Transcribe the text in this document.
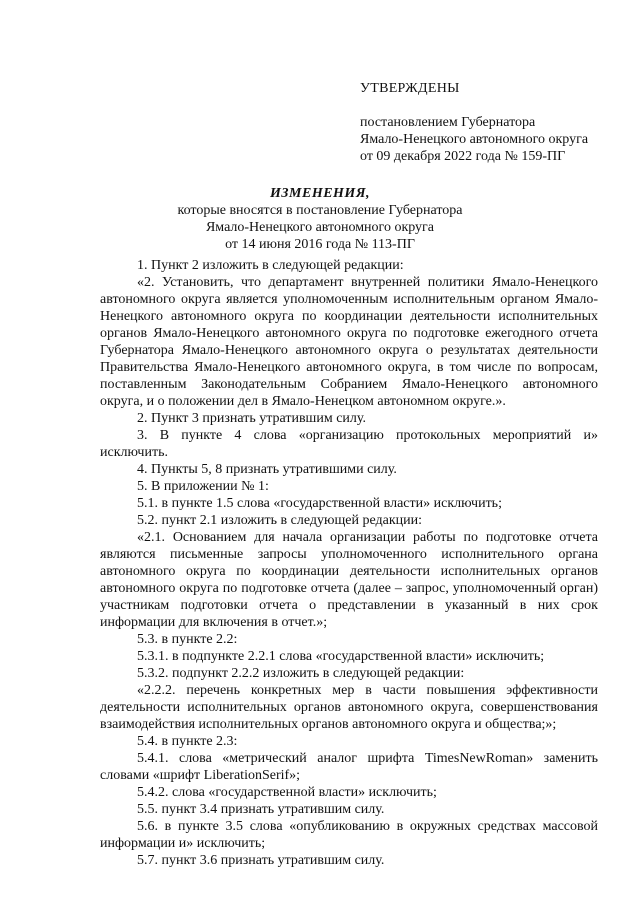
УТВЕРЖДЕНЫ
постановлением Губернатора
Ямало-Ненецкого автономного округа
от 09 декабря 2022 года № 159-ПГ
ИЗМЕНЕНИЯ,
которые вносятся в постановление Губернатора
Ямало-Ненецкого автономного округа
от 14 июня 2016 года № 113-ПГ

1. Пункт 2 изложить в следующей редакции:

«2. Установить, что департамент внутренней политики Ямало-Ненецкого автономного округа является уполномоченным исполнительным органом Ямало-Ненецкого автономного округа по координации деятельности исполнительных органов Ямало-Ненецкого автономного округа по подготовке ежегодного отчета Губернатора Ямало-Ненецкого автономного округа о результатах деятельности Правительства Ямало-Ненецкого автономного округа, в том числе по вопросам, поставленным Законодательным Собранием Ямало-Ненецкого автономного округа, и о положении дел в Ямало-Ненецком автономном округе.».

2. Пункт 3 признать утратившим силу.

3. В пункте 4 слова «организацию протокольных мероприятий и» исключить.

4. Пункты 5, 8 признать утратившими силу.

5. В приложении № 1:

5.1. в пункте 1.5 слова «государственной власти» исключить;

5.2. пункт 2.1 изложить в следующей редакции:

«2.1. Основанием для начала организации работы по подготовке отчета являются письменные запросы уполномоченного исполнительного органа автономного округа по координации деятельности исполнительных органов автономного округа по подготовке отчета (далее – запрос, уполномоченный орган) участникам подготовки отчета о представлении в указанный в них срок информации для включения в отчет.»;

5.3. в пункте 2.2:

5.3.1. в подпункте 2.2.1 слова «государственной власти» исключить;

5.3.2. подпункт 2.2.2 изложить в следующей редакции:

«2.2.2. перечень конкретных мер в части повышения эффективности деятельности исполнительных органов автономного округа, совершенствования взаимодействия исполнительных органов автономного округа и общества;»;

5.4. в пункте 2.3:

5.4.1. слова «метрический аналог шрифта TimesNewRoman» заменить словами «шрифт LiberationSerif»;

5.4.2. слова «государственной власти» исключить;

5.5. пункт 3.4 признать утратившим силу.

5.6. в пункте 3.5 слова «опубликованию в окружных средствах массовой информации и» исключить;

5.7. пункт 3.6 признать утратившим силу.
